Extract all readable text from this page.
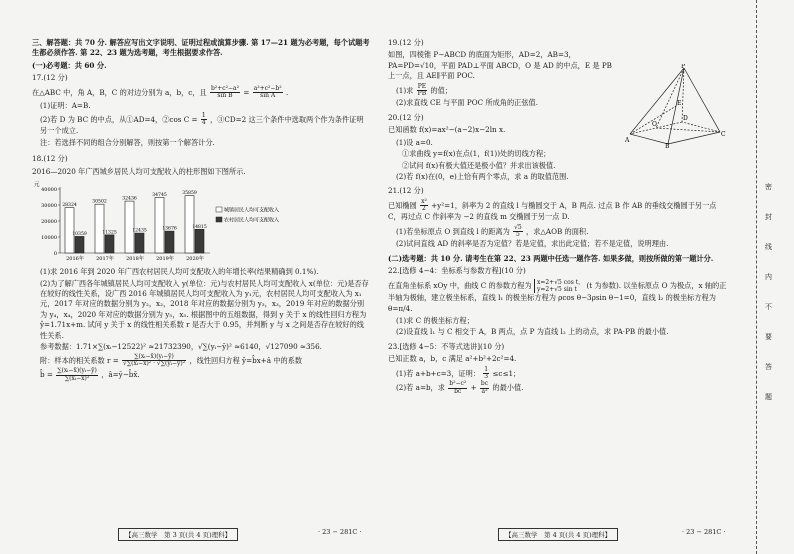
三、解答题：共 70 分. 解答应写出文字说明、证明过程或演算步骤. 第 17—21 题为必考题，每个试题考生都必须作答. 第 22、23 题为选考题，考生根据要求作答.
(一)必考题：共 60 分.
17.(12 分)
在△ABC 中，角 A，B，C 的对边分别为 a，b，c，且 $\frac{\text{b²+c²−a²}}{\text{sin B}} = \frac{\text{a²+c²−b²}}{\text{sin A}}$ .
(1)证明：A=B.
(2)若 D 为 BC 的中点，从①AD=4，②cos $C = \frac{1}{4}$ ，③CD=2 这三个条件中选取两个作为条件证明另一个成立.
注：若选择不同的组合分别解答，则按第一个解答计分.
18.(12 分)
2016—2020 年广西城乡居民人均可支配收入的柱形图如下图所示.
元
0
10000
20000
30000
40000
28324
10359
30502
11325
32436
12435
34745
13676
35859
14815
2016年 2017年 2018年 2019年 2020年
城镇居民人均可支配收入
农村居民人均可支配收入
(1)求 2016 年到 2020 年广西农村居民人均可支配收入的年增长率(结果精确到 0.1%).
(2)为了解广西各年城镇居民人均可支配收入 y(单位：元)与农村居民人均可支配收入 x(单位：元)是否存在较好的线性关系，设广西 2016 年城镇居民人均可支配收入为 y₁元，农村居民人均可支配收入为 x₁元，2017 年对应的数据分别为 y₂，x₂，2018 年对应的数据分别为 y₃，x₃，2019 年对应的数据分别为 y₄，x₄，2020 年对应的数据分别为 y₅，x₅. 根据图中的五组数据，得到 y 关于 x 的线性回归方程为 ŷ=1.71x+m. 试问 y 关于 x 的线性相关系数 r 是否大于 0.95，并判断 y 与 x 之间是否存在较好的线性关系.
参考数据：1.71×∑(xᵢ−12522)² ≈21732390，√∑(yᵢ−ȳ)² ≈6140，√127090 ≈356.
附：样本的相关系数 $r = \frac{\text{∑(xᵢ−x̄)(yᵢ−ȳ)}}{\text{√∑(xᵢ−x̄)² · √∑(yᵢ−ȳ)²}}$ ，线性回归方程 ŷ=b̂x+â 中的系数
b̂ = $\frac{\text{∑(xᵢ−x̄)(yᵢ−ȳ)}}{\text{∑(xᵢ−x̄)²}}$ ，â=ȳ−b̂x̄.
19.(12 分)
如图，四棱锥 P−ABCD 的底面为矩形，AD=2，AB=3，PA=PD=√10，平面 PAD⊥平面 ABCD，O 是 AD 的中点，E 是 PB 上一点，且 AE∥平面 POC.
(1)求 $\frac{PE}{PB}$ 的值；
(2)求直线 CE 与平面 POC 所成角的正弦值.
P
A
B
C
D
O
E
20.(12 分)
已知函数 f(x)=ax²−(a−2)x−2ln x.
(1)设 a=0.
①求曲线 y=f(x)在点(1，f(1))处的切线方程；
②试问 f(x)有极大值还是极小值？并求出该极值.
(2)若 f(x)在(0，e)上恰有两个零点，求 a 的取值范围.
21.(12 分)
已知椭圆 $\frac{\text{x²}}{2} +y^2=1$，斜率为 2 的直线 l 与椭圆交于 A，B 两点. 过点 B 作 AB 的垂线交椭圆于另一点 C，再过点 C 作斜率为 −2 的直线 m 交椭圆于另一点 D.
(1)若坐标原点 O 到直线 l 的距离为 $\frac{√5}{5}$ ，求△AOB 的面积.
(2)试问直线 AD 的斜率是否为定值？若是定值，求出此定值；若不是定值，说明理由.
(二)选考题：共 10 分. 请考生在第 22、23 两题中任选一题作答. 如果多做，则按所做的第一题计分.
22.[选修 4−4：坐标系与参数方程](10 分)
在直角坐标系 xOy 中，曲线 C 的参数方程为 x=2+√5 cos t，
y=2+√5 sin t	(t 为参数). 以坐标原点 O 为极点，x 轴的正半轴为极轴，建立极坐标系，直线 l₁ 的极坐标方程为 ρcos θ−3ρsin θ−1=0，直线 l₂ 的极坐标方程为 θ=π/4.
(1)求 C 的极坐标方程；
(2)设直线 l₁ 与 C 相交于 A，B 两点，点 P 为直线 l₂ 上的动点，求 PA·PB 的最小值.
23.[选修 4−5：不等式选讲](10 分)
已知正数 a，b，c 满足 a²+b²+2c²=4.
(1)若 a+b+c=3，证明： $\frac{1}{3} \le c\le 1$；
(2)若 a=b，求 $\frac{\text{b²−c²}}{bc} + \frac{bc}{\text{a²}}$ 的最小值.
【高三数学　第 3 页(共 4 页)理科】	· 23 − 281C ·	【高三数学　第 4 页(共 4 页)理科】	· 23 − 281C ·
密
封
线
内
不
要
答
题
